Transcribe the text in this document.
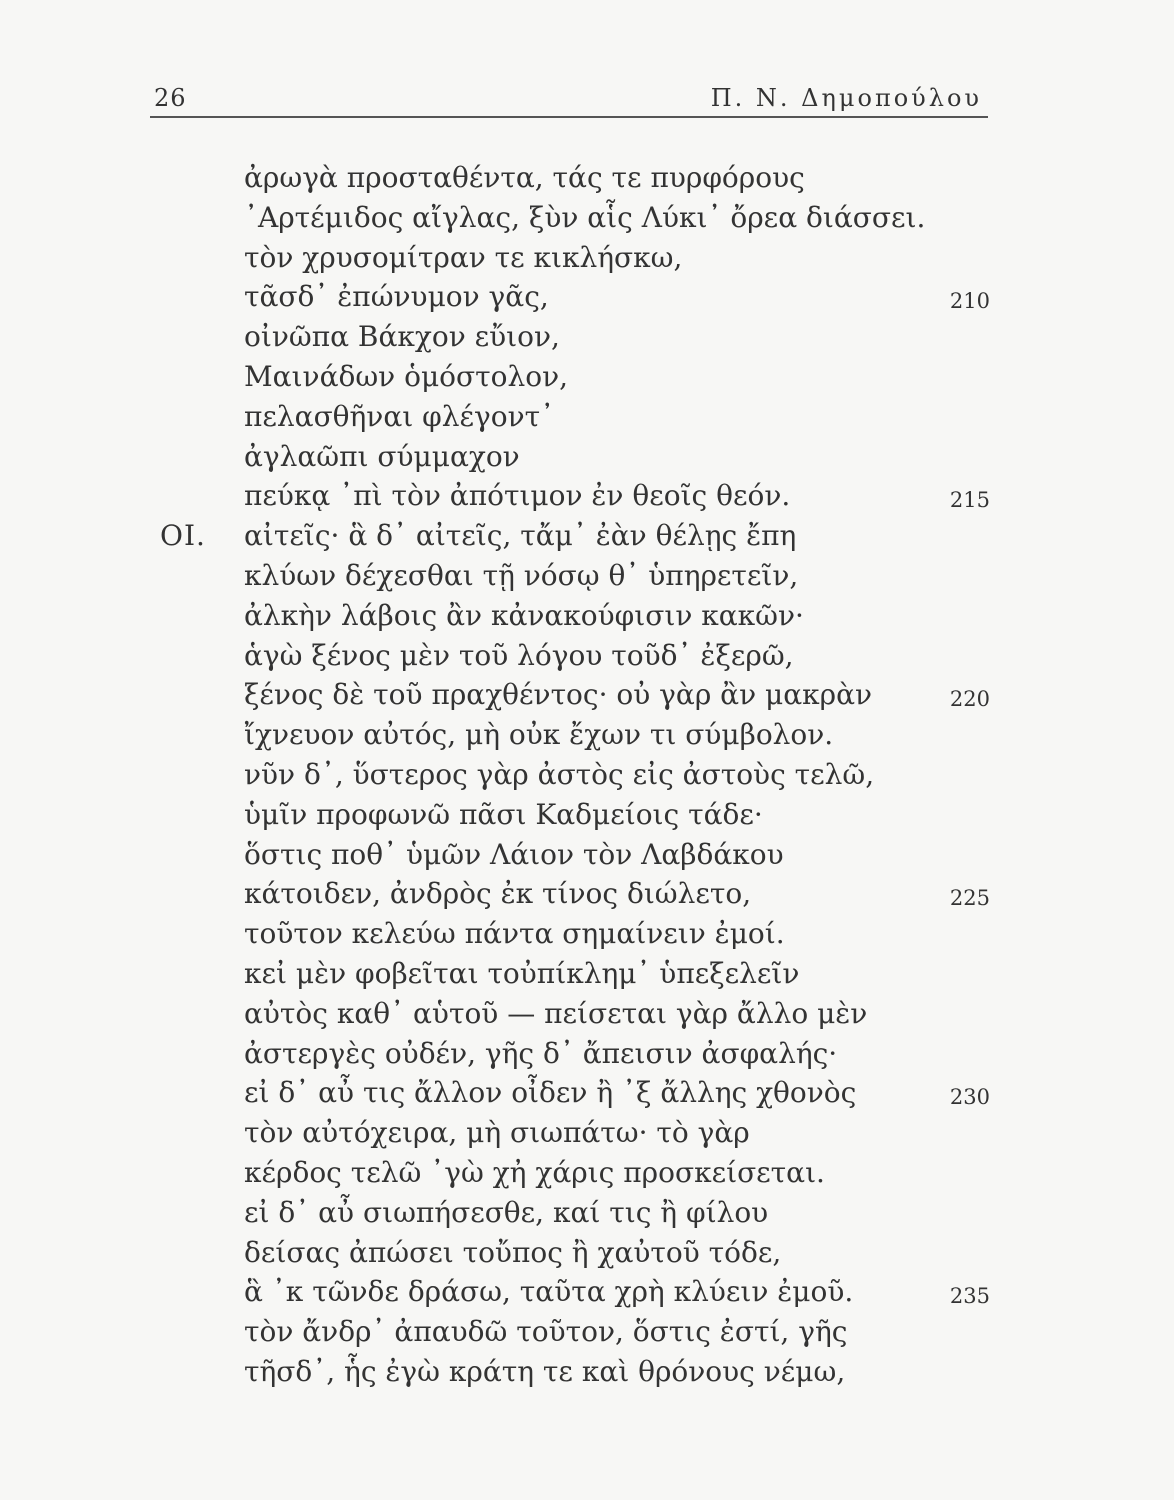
26	Π. Ν. Δημοπούλου
ἀρωγὰ προσταθέντα, τάς τε πυρφόρους
᾿Αρτέμιδος αἴγλας, ξὺν αἷς Λύκι᾿ ὄρεα διάσσει.
τὸν χρυσομίτραν τε κικλήσκω,
τᾶσδ᾿ ἐπώνυμον γᾶς,	210
οἰνῶπα Βάκχον εὔιον,
Μαινάδων ὁμόστολον,
πελασθῆναι φλέγοντ᾿
ἀγλαῶπι σύμμαχον
πεύκᾳ ᾽πὶ τὸν ἀπότιμον ἐν θεοῖς θεόν.	215
ΟΙ. αἰτεῖς· ἃ δ᾿ αἰτεῖς, τἄμ᾿ ἐὰν θέλῃς ἔπη
κλύων δέχεσθαι τῇ νόσῳ θ᾿ ὑπηρετεῖν,
ἀλκὴν λάβοις ἂν κἀνακούφισιν κακῶν·
ἁγὼ ξένος μὲν τοῦ λόγου τοῦδ᾿ ἐξερῶ,
ξένος δὲ τοῦ πραχθέντος· οὐ γὰρ ἂν μακρὰν	220
ἴχνευον αὐτός, μὴ οὐκ ἔχων τι σύμβολον.
νῦν δ᾿, ὕστερος γὰρ ἀστὸς εἰς ἀστοὺς τελῶ,
ὑμῖν προφωνῶ πᾶσι Καδμείοις τάδε·
ὅστις ποθ᾿ ὑμῶν Λάιον τὸν Λαβδάκου
κάτοιδεν, ἀνδρὸς ἐκ τίνος διώλετο,	225
τοῦτον κελεύω πάντα σημαίνειν ἐμοί.
κεἰ μὲν φοβεῖται τοὐπίκλημ᾿ ὑπεξελεῖν
αὐτὸς καθ᾿ αὑτοῦ — πείσεται γὰρ ἄλλο μὲν
ἀστεργὲς οὐδέν, γῆς δ᾿ ἄπεισιν ἀσφαλής·
εἰ δ᾿ αὖ τις ἄλλον οἶδεν ἢ ᾽ξ ἄλλης χθονὸς	230
τὸν αὐτόχειρα, μὴ σιωπάτω· τὸ γὰρ
κέρδος τελῶ ᾽γὼ χἠ χάρις προσκείσεται.
εἰ δ᾿ αὖ σιωπήσεσθε, καί τις ἢ φίλου
δείσας ἀπώσει τοὔπος ἢ χαὐτοῦ τόδε,
ἃ ᾽κ τῶνδε δράσω, ταῦτα χρὴ κλύειν ἐμοῦ.	235
τὸν ἄνδρ᾿ ἀπαυδῶ τοῦτον, ὅστις ἐστί, γῆς
τῆσδ᾿, ἧς ἐγὼ κράτη τε καὶ θρόνους νέμω,
